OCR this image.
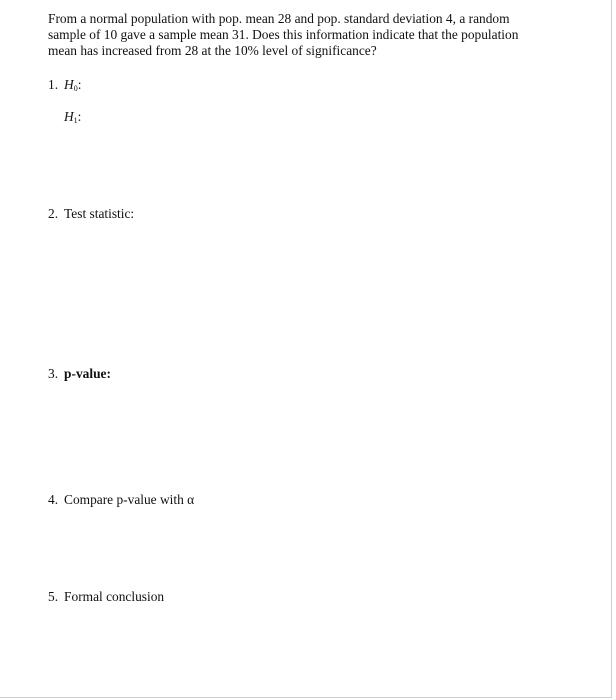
From a normal population with pop. mean 28 and pop. standard deviation 4, a random
sample of 10 gave a sample mean 31. Does this information indicate that the population
mean has increased from 28 at the 10% level of significance?
1. $H_0$:
$H_1$:
2. Test statistic:
3. p-value:
4. Compare p-value with α
5. Formal conclusion
